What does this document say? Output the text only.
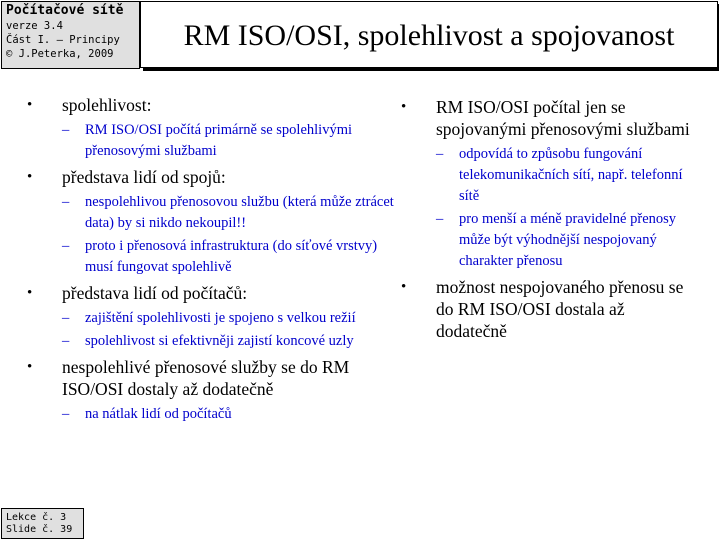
Počítačové sítě
verze 3.4
Část I. – Principy
© J.Peterka, 2009
RM ISO/OSI, spolehlivost a spojovanost
• spolehlivost:
– RM ISO/OSI počítá primárně se spolehlivými přenosovými službami
• představa lidí od spojů:
– nespolehlivou přenosovou službu (která může ztrácet data) by si nikdo nekoupil!!
– proto i přenosová infrastruktura (do síťové vrstvy) musí fungovat spolehlivě
• představa lidí od počítačů:
– zajištění spolehlivosti je spojeno s velkou režií
– spolehlivost si efektivněji zajistí koncové uzly
• nespolehlivé přenosové služby se do RM ISO/OSI dostaly až dodatečně
– na nátlak lidí od počítačů
• RM ISO/OSI počítal jen se spojovanými přenosovými službami
– odpovídá to způsobu fungování telekomunikačních sítí, např. telefonní sítě
– pro menší a méně pravidelné přenosy může být výhodnější nespojovaný charakter přenosu
• možnost nespojovaného přenosu se do RM ISO/OSI dostala až dodatečně
Lekce č. 3
Slide č. 39
